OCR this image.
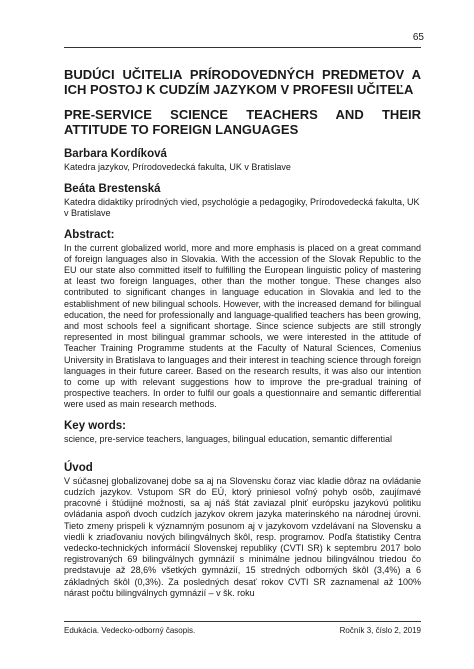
65
BUDÚCI UČITELIA PRÍRODOVEDNÝCH PREDMETOV A ICH POSTOJ K CUDZÍM JAZYKOM V PROFESII UČITEĽA
PRE-SERVICE SCIENCE TEACHERS AND THEIR ATTITUDE TO FOREIGN LANGUAGES

Barbara Kordíková

Katedra jazykov, Prírodovedecká fakulta, UK v Bratislave

Beáta Brestenská

Katedra didaktiky prírodných vied, psychológie a pedagogiky, Prírodovedecká fakulta, UK v Bratislave

Abstract:

In the current globalized world, more and more emphasis is placed on a great command of foreign languages also in Slovakia. With the accession of the Slovak Republic to the EU our state also committed itself to fulfilling the European linguistic policy of mastering at least two foreign languages, other than the mother tongue. These changes also contributed to significant changes in language education in Slovakia and led to the establishment of new bilingual schools. However, with the increased demand for bilingual education, the need for professionally and language-qualified teachers has been growing, and most schools feel a significant shortage. Since science subjects are still strongly represented in most bilingual grammar schools, we were interested in the attitude of Teacher Training Programme students at the Faculty of Natural Sciences, Comenius University in Bratislava to languages and their interest in teaching science through foreign languages in their future career. Based on the research results, it was also our intention to come up with relevant suggestions how to improve the pre-gradual training of prospective teachers. In order to fulfil our goals a questionnaire and semantic differential were used as main research methods.

Key words:

science, pre-service teachers, languages, bilingual education, semantic differential

Úvod

V súčasnej globalizovanej dobe sa aj na Slovensku čoraz viac kladie dôraz na ovládanie cudzích jazykov. Vstupom SR do EÚ, ktorý priniesol voľný pohyb osôb, zaujímavé pracovné i štúdijné možnosti, sa aj náš štát zaviazal plniť európsku jazykovú politiku ovládania aspoň dvoch cudzích jazykov okrem jazyka materinského na národnej úrovni. Tieto zmeny prispeli k významným posunom aj v jazykovom vzdelávaní na Slovensku a viedli k zriaďovaniu nových bilingválnych škôl, resp. programov. Podľa štatistiky Centra vedecko-technických informácií Slovenskej republiky (CVTI SR) k septembru 2017 bolo registrovaných 69 bilingválnych gymnázií s minimálne jednou bilingválnou triedou čo predstavuje až 28,6% všetkých gymnázií, 15 stredných odborných škôl (3,4%) a 6 základných škôl (0,3%). Za posledných desať rokov CVTI SR zaznamenal až 100% nárast počtu bilingválnych gymnázií – v šk. roku

Edukácia. Vedecko-odborný časopis.	Ročník 3, číslo 2, 2019
